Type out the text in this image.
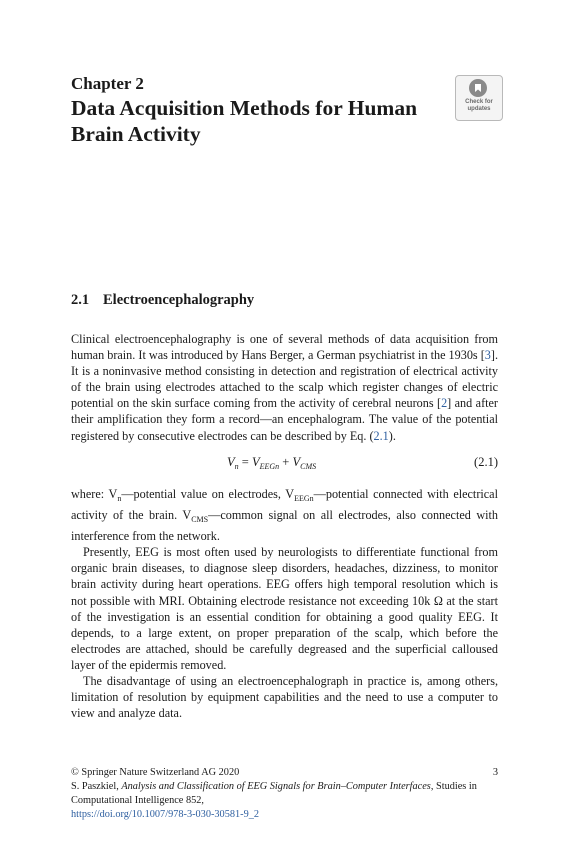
Chapter 2
Data Acquisition Methods for Human Brain Activity
Check for updates
2.1 Electroencephalography

Clinical electroencephalography is one of several methods of data acquisition from human brain. It was introduced by Hans Berger, a German psychiatrist in the 1930s [3]. It is a noninvasive method consisting in detection and registration of electrical activity of the brain using electrodes attached to the scalp which register changes of electric potential on the skin surface coming from the activity of cerebral neurons [2] and after their amplification they form a record—an encephalogram. The value of the potential registered by consecutive electrodes can be described by Eq. (2.1).

$V_n = V_{EEGn} + V_{CMS}$	(2.1)

where: $V_n—potential$ value on electrodes, $V_{EEGn}—potential$ connected with electrical activity of the brain. $V_{CMS}—common$ signal on all electrodes, also connected with interference from the network.

Presently, EEG is most often used by neurologists to differentiate functional from organic brain diseases, to diagnose sleep disorders, headaches, dizziness, to monitor brain activity during heart operations. EEG offers high temporal resolution which is not possible with MRI. Obtaining electrode resistance not exceeding 10k Ω at the start of the investigation is an essential condition for obtaining a good quality EEG. It depends, to a large extent, on proper preparation of the scalp, which before the electrodes are attached, should be carefully degreased and the superficial calloused layer of the epidermis removed.

The disadvantage of using an electroencephalograph in practice is, among others, limitation of resolution by equipment capabilities and the need to use a computer to view and analyze data.

© Springer Nature Switzerland AG 2020	3
S. Paszkiel, Analysis and Classification of EEG Signals for Brain–Computer Interfaces, Studies in Computational Intelligence 852,
https://doi.org/10.1007/978-3-030-30581-9_2
